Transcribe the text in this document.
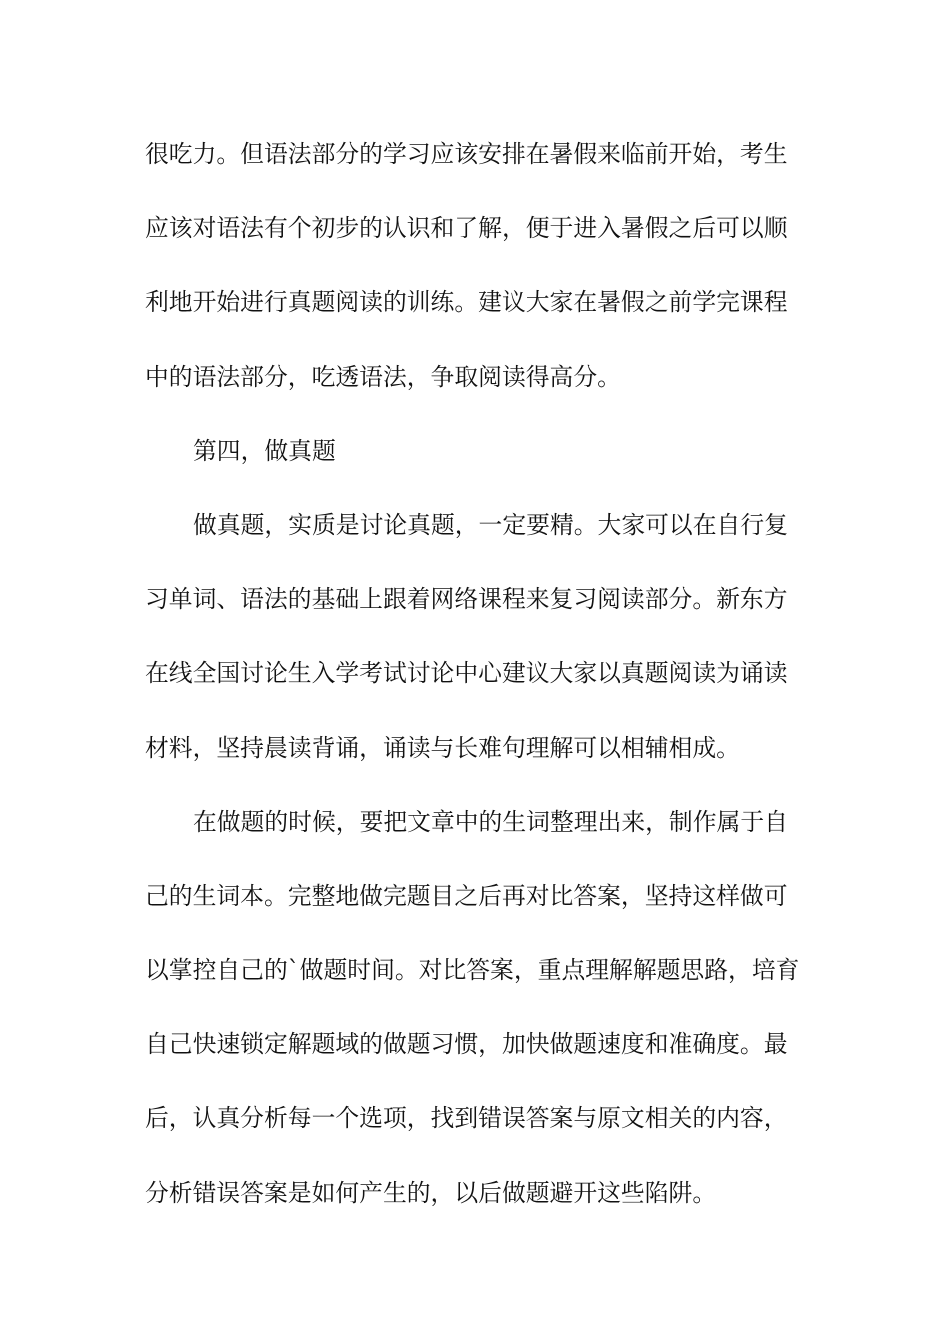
很吃力。但语法部分的学习应该安排在暑假来临前开始，考生
应该对语法有个初步的认识和了解，便于进入暑假之后可以顺
利地开始进行真题阅读的训练。建议大家在暑假之前学完课程
中的语法部分，吃透语法，争取阅读得高分。
第四，做真题
做真题，实质是讨论真题，一定要精。大家可以在自行复
习单词、语法的基础上跟着网络课程来复习阅读部分。新东方
在线全国讨论生入学考试讨论中心建议大家以真题阅读为诵读
材料，坚持晨读背诵，诵读与长难句理解可以相辅相成。
在做题的时候，要把文章中的生词整理出来，制作属于自
己的生词本。完整地做完题目之后再对比答案，坚持这样做可
以掌控自己的`做题时间。对比答案，重点理解解题思路，培育
自己快速锁定解题域的做题习惯，加快做题速度和准确度。最
后，认真分析每一个选项，找到错误答案与原文相关的内容，
分析错误答案是如何产生的，以后做题避开这些陷阱。
